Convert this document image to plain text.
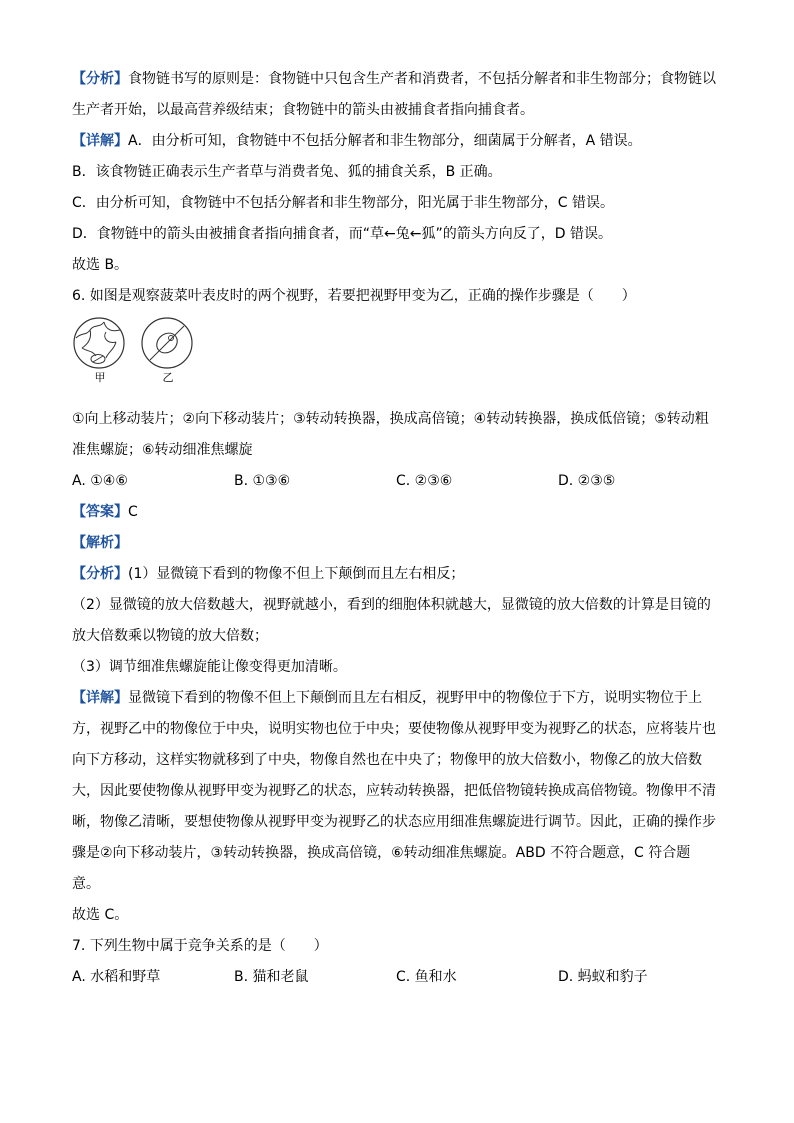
【分析】食物链书写的原则是：食物链中只包含生产者和消费者，不包括分解者和非生物部分；食物链以
生产者开始，以最高营养级结束；食物链中的箭头由被捕食者指向捕食者。
【详解】A．由分析可知，食物链中不包括分解者和非生物部分，细菌属于分解者，A 错误。
B．该食物链正确表示生产者草与消费者兔、狐的捕食关系，B 正确。
C．由分析可知，食物链中不包括分解者和非生物部分，阳光属于非生物部分，C 错误。
D．食物链中的箭头由被捕食者指向捕食者，而“草←兔←狐”的箭头方向反了，D 错误。
故选 B。
6. 如图是观察菠菜叶表皮时的两个视野，若要把视野甲变为乙，正确的操作步骤是（　　）
甲	乙
①向上移动装片；②向下移动装片；③转动转换器，换成高倍镜；④转动转换器，换成低倍镜；⑤转动粗
准焦螺旋；⑥转动细准焦螺旋
A. ①④⑥	B. ①③⑥	C. ②③⑥	D. ②③⑤
【答案】C
【解析】
【分析】(1）显微镜下看到的物像不但上下颠倒而且左右相反；
（2）显微镜的放大倍数越大，视野就越小，看到的细胞体积就越大，显微镜的放大倍数的计算是目镜的
放大倍数乘以物镜的放大倍数；
（3）调节细准焦螺旋能让像变得更加清晰。
【详解】显微镜下看到的物像不但上下颠倒而且左右相反，视野甲中的物像位于下方，说明实物位于上
方，视野乙中的物像位于中央，说明实物也位于中央；要使物像从视野甲变为视野乙的状态，应将装片也
向下方移动，这样实物就移到了中央，物像自然也在中央了；物像甲的放大倍数小，物像乙的放大倍数
大，因此要使物像从视野甲变为视野乙的状态，应转动转换器，把低倍物镜转换成高倍物镜。物像甲不清
晰，物像乙清晰，要想使物像从视野甲变为视野乙的状态应用细准焦螺旋进行调节。因此，正确的操作步
骤是②向下移动装片，③转动转换器，换成高倍镜，⑥转动细准焦螺旋。ABD 不符合题意，C 符合题
意。
故选 C。
7. 下列生物中属于竞争关系的是（　　）
A. 水稻和野草	B. 猫和老鼠	C. 鱼和水	D. 蚂蚁和豹子
